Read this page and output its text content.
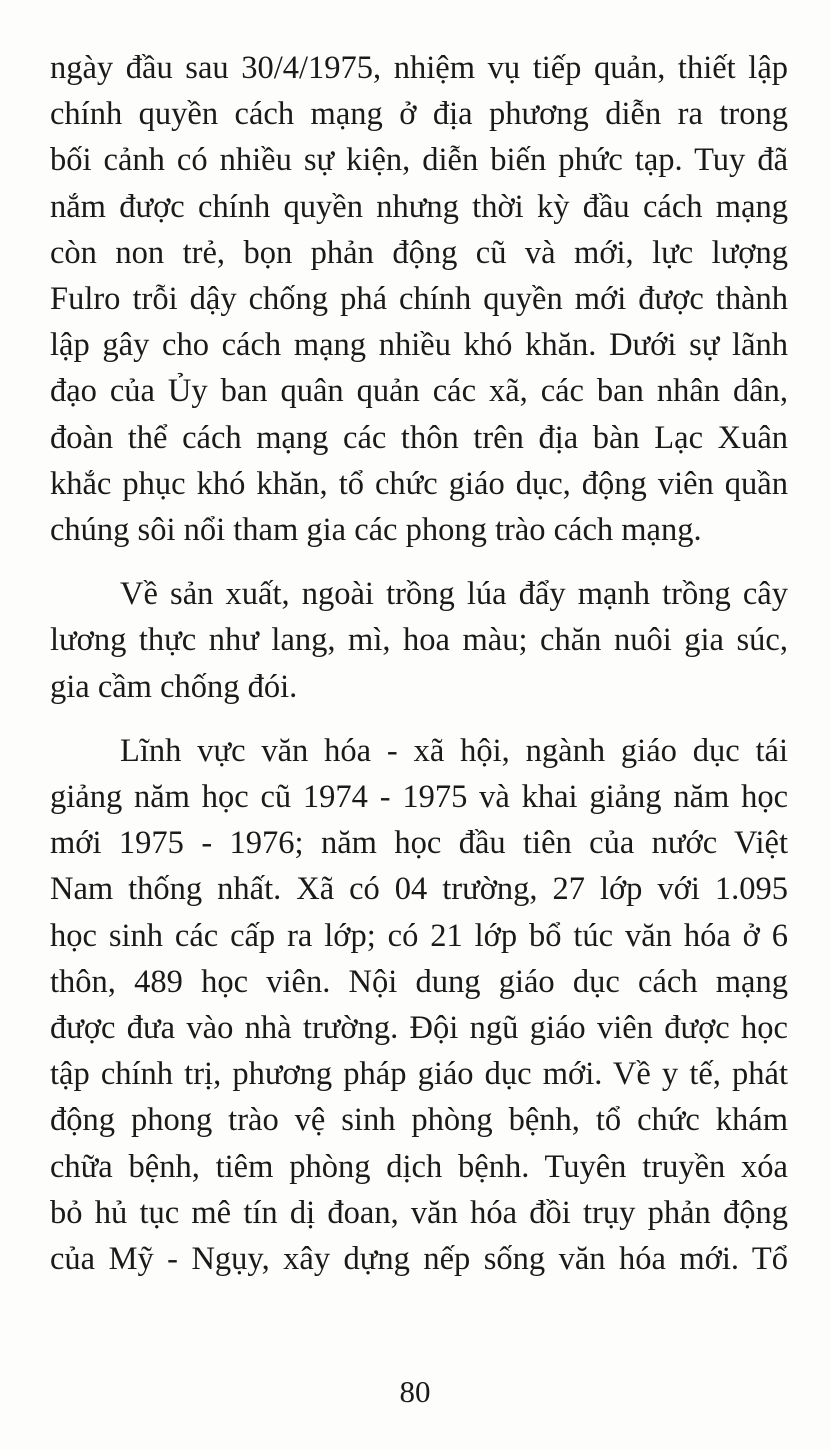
ngày đầu sau 30/4/1975, nhiệm vụ tiếp quản, thiết lập
chính quyền cách mạng ở địa phương diễn ra trong
bối cảnh có nhiều sự kiện, diễn biến phức tạp. Tuy đã
nắm được chính quyền nhưng thời kỳ đầu cách mạng
còn non trẻ, bọn phản động cũ và mới, lực lượng
Fulro trỗi dậy chống phá chính quyền mới được thành
lập gây cho cách mạng nhiều khó khăn. Dưới sự lãnh
đạo của Ủy ban quân quản các xã, các ban nhân dân,
đoàn thể cách mạng các thôn trên địa bàn Lạc Xuân
khắc phục khó khăn, tổ chức giáo dục, động viên quần
chúng sôi nổi tham gia các phong trào cách mạng.

Về sản xuất, ngoài trồng lúa đẩy mạnh trồng cây
lương thực như lang, mì, hoa màu; chăn nuôi gia súc,
gia cầm chống đói.

Lĩnh vực văn hóa - xã hội, ngành giáo dục tái
giảng năm học cũ 1974 - 1975 và khai giảng năm học
mới 1975 - 1976; năm học đầu tiên của nước Việt
Nam thống nhất. Xã có 04 trường, 27 lớp với 1.095
học sinh các cấp ra lớp; có 21 lớp bổ túc văn hóa ở 6
thôn, 489 học viên. Nội dung giáo dục cách mạng
được đưa vào nhà trường. Đội ngũ giáo viên được học
tập chính trị, phương pháp giáo dục mới. Về y tế, phát
động phong trào vệ sinh phòng bệnh, tổ chức khám
chữa bệnh, tiêm phòng dịch bệnh. Tuyên truyền xóa
bỏ hủ tục mê tín dị đoan, văn hóa đồi trụy phản động
của Mỹ - Ngụy, xây dựng nếp sống văn hóa mới. Tổ

80
